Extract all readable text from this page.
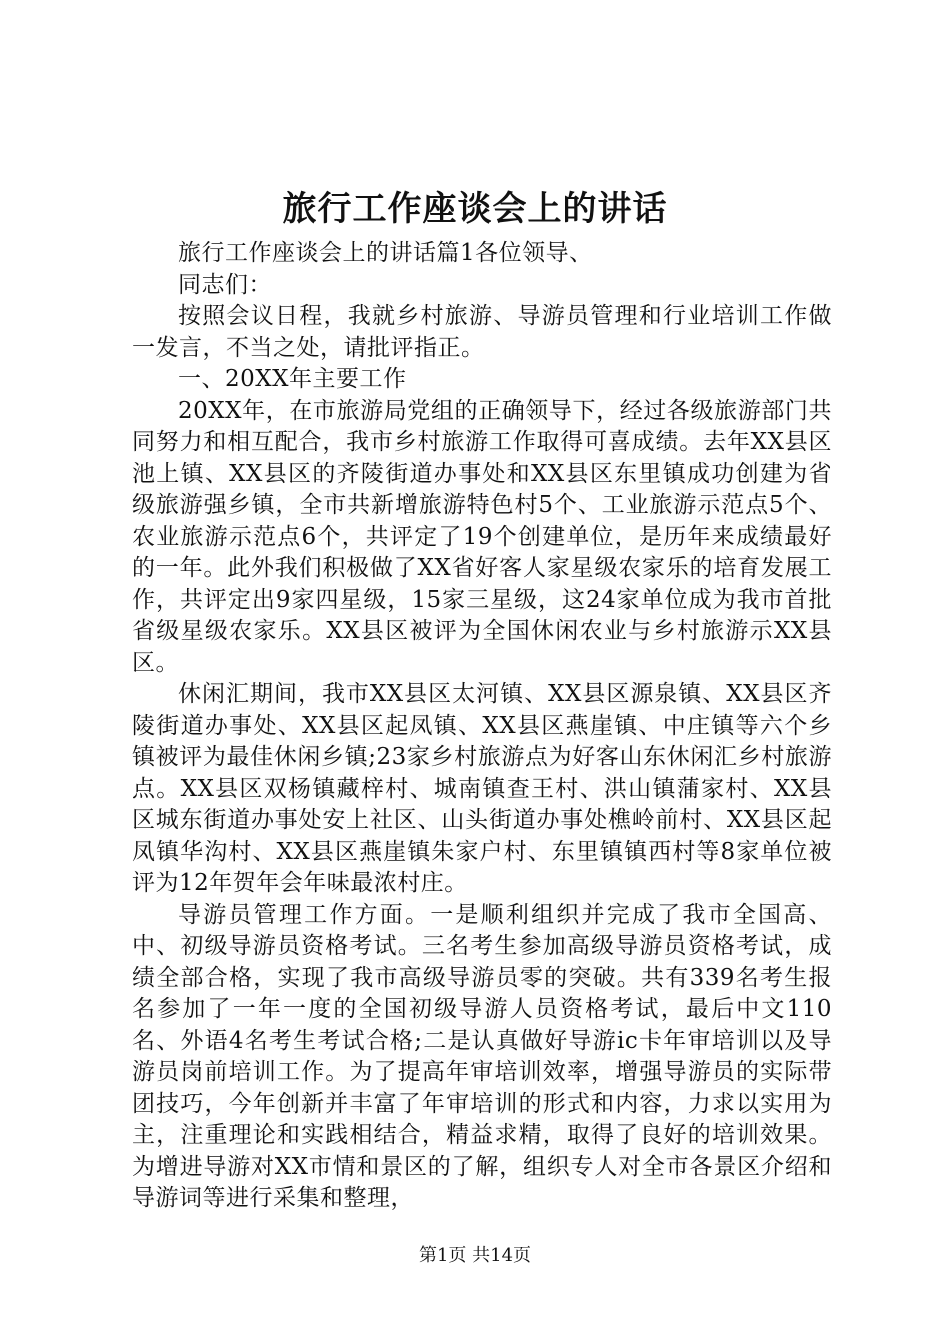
旅行工作座谈会上的讲话

旅行工作座谈会上的讲话篇1各位领导、

同志们：

按照会议日程，我就乡村旅游、导游员管理和行业培训工作做一发言，不当之处，请批评指正。

一、20XX年主要工作

20XX年，在市旅游局党组的正确领导下，经过各级旅游部门共同努力和相互配合，我市乡村旅游工作取得可喜成绩。去年XX县区池上镇、XX县区的齐陵街道办事处和XX县区东里镇成功创建为省级旅游强乡镇，全市共新增旅游特色村5个、工业旅游示范点5个、农业旅游示范点6个，共评定了19个创建单位，是历年来成绩最好的一年。此外我们积极做了XX省好客人家星级农家乐的培育发展工作，共评定出9家四星级，15家三星级，这24家单位成为我市首批省级星级农家乐。XX县区被评为全国休闲农业与乡村旅游示XX县区。

休闲汇期间，我市XX县区太河镇、XX县区源泉镇、XX县区齐陵街道办事处、XX县区起凤镇、XX县区燕崖镇、中庄镇等六个乡镇被评为最佳休闲乡镇;23家乡村旅游点为好客山东休闲汇乡村旅游点。XX县区双杨镇藏梓村、城南镇查王村、洪山镇蒲家村、XX县区城东街道办事处安上社区、山头街道办事处樵岭前村、XX县区起凤镇华沟村、XX县区燕崖镇朱家户村、东里镇镇西村等8家单位被评为12年贺年会年味最浓村庄。

导游员管理工作方面。一是顺利组织并完成了我市全国高、中、初级导游员资格考试。三名考生参加高级导游员资格考试，成绩全部合格，实现了我市高级导游员零的突破。共有339名考生报名参加了一年一度的全国初级导游人员资格考试，最后中文110名、外语4名考生考试合格;二是认真做好导游ic卡年审培训以及导游员岗前培训工作。为了提高年审培训效率，增强导游员的实际带团技巧，今年创新并丰富了年审培训的形式和内容，力求以实用为主，注重理论和实践相结合，精益求精，取得了良好的培训效果。为增进导游对XX市情和景区的了解，组织专人对全市各景区介绍和导游词等进行采集和整理，

第1页 共14页
